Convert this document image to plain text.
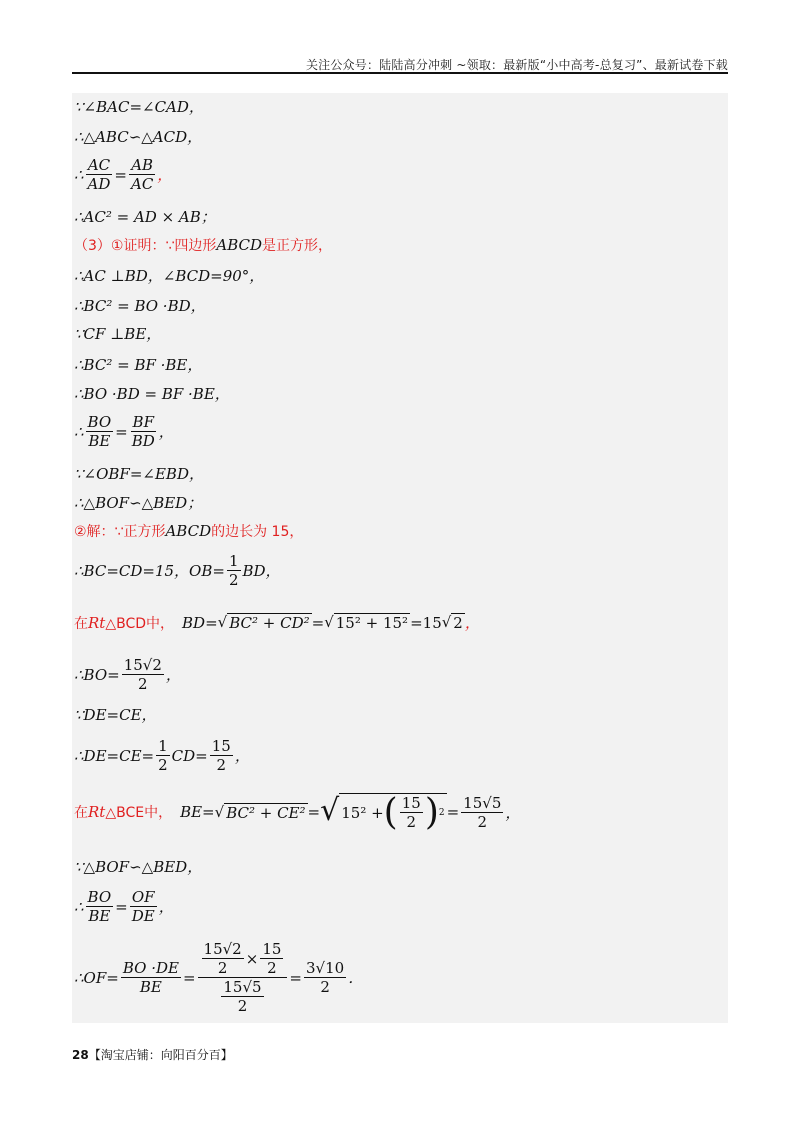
关注公众号：陆陆高分冲刺 ~领取：最新版“小中高考-总复习”、最新试卷下载
∵∠BAC=∠CAD，
∴△ABC∽△ACD，
∴ $\frac{AC}{AD} = \frac{AB}{AC}$ ，
∴AC² = AD × AB；
（3）①证明：∵四边形 ABCD 是正方形，
∴AC ⊥BD，∠BCD=90°，
∴BC² = BO ·BD，
∵CF ⊥BE，
∴BC² = BF ·BE，
∴BO ·BD = BF ·BE，
∴ $\frac{BO}{BE} = \frac{BF}{BD}$ ，
∵∠OBF=∠EBD，
∴△BOF∽△BED；
②解：∵正方形 ABCD 的边长为 15，
∴BC=CD=15，$OB= \frac{1}{2}$ BD，
在 Rt △BCD中， BD= √ BC² + CD² = √ 15² + 15² =15 √ 2 ，
∴BO= $\frac{15√2}{2}$ ，
∵DE=CE，
∴DE=CE= $\frac{1}{2} CD= \frac{15}{2}$ ，
在 Rt △BCE中， BE= √ BC² + CE² = √ 15² + ( $\frac{15}{2}$ ) $2 = \frac{15√5}{2}$ ，
∵△BOF∽△BED，
∴ $\frac{BO}{BE} = \frac{OF}{DE}$ ，
∴OF= $\frac{BO \cdot DE}{BE} = \frac{\frac{15√2}{2} \times \frac{15}{2}}{\frac{15√5}{2}} = \frac{3√10}{2}$ ．
28【淘宝店铺：向阳百分百】
